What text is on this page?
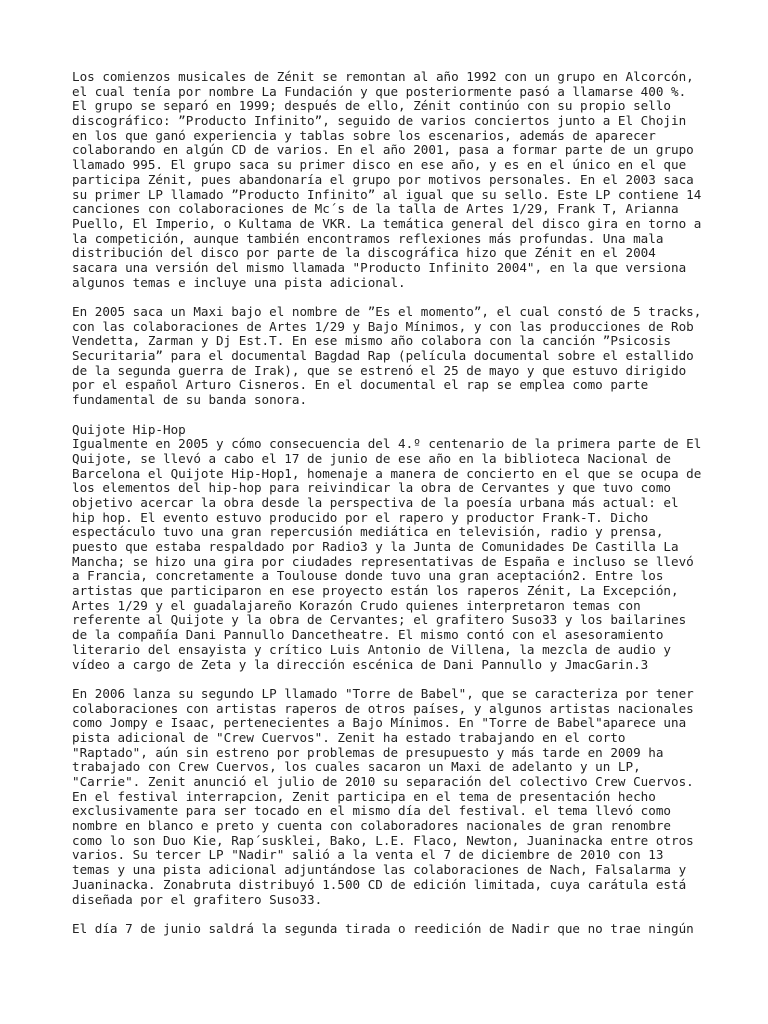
Los comienzos musicales de Zénit se remontan al año 1992 con un grupo en Alcorcón,
el cual tenía por nombre La Fundación y que posteriormente pasó a llamarse 400 %.
El grupo se separó en 1999; después de ello, Zénit continúo con su propio sello
discográfico: ”Producto Infinito”, seguido de varios conciertos junto a El Chojin
en los que ganó experiencia y tablas sobre los escenarios, además de aparecer
colaborando en algún CD de varios. En el año 2001, pasa a formar parte de un grupo
llamado 995. El grupo saca su primer disco en ese año, y es en el único en el que
participa Zénit, pues abandonaría el grupo por motivos personales. En el 2003 saca
su primer LP llamado ”Producto Infinito” al igual que su sello. Este LP contiene 14
canciones con colaboraciones de Mc´s de la talla de Artes 1/29, Frank T, Arianna
Puello, El Imperio, o Kultama de VKR. La temática general del disco gira en torno a
la competición, aunque también encontramos reflexiones más profundas. Una mala
distribución del disco por parte de la discográfica hizo que Zénit en el 2004
sacara una versión del mismo llamada "Producto Infinito 2004", en la que versiona
algunos temas e incluye una pista adicional.
En 2005 saca un Maxi bajo el nombre de ”Es el momento”, el cual constó de 5 tracks,
con las colaboraciones de Artes 1/29 y Bajo Mínimos, y con las producciones de Rob
Vendetta, Zarman y Dj Est.T. En ese mismo año colabora con la canción ”Psicosis
Securitaria” para el documental Bagdad Rap (película documental sobre el estallido
de la segunda guerra de Irak), que se estrenó el 25 de mayo y que estuvo dirigido
por el español Arturo Cisneros. En el documental el rap se emplea como parte
fundamental de su banda sonora.
Quijote Hip-Hop
Igualmente en 2005 y cómo consecuencia del 4.º centenario de la primera parte de El
Quijote, se llevó a cabo el 17 de junio de ese año en la biblioteca Nacional de
Barcelona el Quijote Hip-Hop1, homenaje a manera de concierto en el que se ocupa de
los elementos del hip-hop para reivindicar la obra de Cervantes y que tuvo como
objetivo acercar la obra desde la perspectiva de la poesía urbana más actual: el
hip hop. El evento estuvo producido por el rapero y productor Frank-T. Dicho
espectáculo tuvo una gran repercusión mediática en televisión, radio y prensa,
puesto que estaba respaldado por Radio3 y la Junta de Comunidades De Castilla La
Mancha; se hizo una gira por ciudades representativas de España e incluso se llevó
a Francia, concretamente a Toulouse donde tuvo una gran aceptación2. Entre los
artistas que participaron en ese proyecto están los raperos Zénit, La Excepción,
Artes 1/29 y el guadalajareño Korazón Crudo quienes interpretaron temas con
referente al Quijote y la obra de Cervantes; el grafitero Suso33 y los bailarines
de la compañía Dani Pannullo Dancetheatre. El mismo contó con el asesoramiento
literario del ensayista y crítico Luis Antonio de Villena, la mezcla de audio y
vídeo a cargo de Zeta y la dirección escénica de Dani Pannullo y JmacGarin.3
En 2006 lanza su segundo LP llamado "Torre de Babel", que se caracteriza por tener
colaboraciones con artistas raperos de otros países, y algunos artistas nacionales
como Jompy e Isaac, pertenecientes a Bajo Mínimos. En "Torre de Babel"aparece una
pista adicional de "Crew Cuervos". Zenit ha estado trabajando en el corto
"Raptado", aún sin estreno por problemas de presupuesto y más tarde en 2009 ha
trabajado con Crew Cuervos, los cuales sacaron un Maxi de adelanto y un LP,
"Carrie". Zenit anunció el julio de 2010 su separación del colectivo Crew Cuervos.
En el festival interrapcion, Zenit participa en el tema de presentación hecho
exclusivamente para ser tocado en el mismo día del festival. el tema llevó como
nombre en blanco e preto y cuenta con colaboradores nacionales de gran renombre
como lo son Duo Kie, Rap´susklei, Bako, L.E. Flaco, Newton, Juaninacka entre otros
varios. Su tercer LP "Nadir" salió a la venta el 7 de diciembre de 2010 con 13
temas y una pista adicional adjuntándose las colaboraciones de Nach, Falsalarma y
Juaninacka. Zonabruta distribuyó 1.500 CD de edición limitada, cuya carátula está
diseñada por el grafitero Suso33.
El día 7 de junio saldrá la segunda tirada o reedición de Nadir que no trae ningún
